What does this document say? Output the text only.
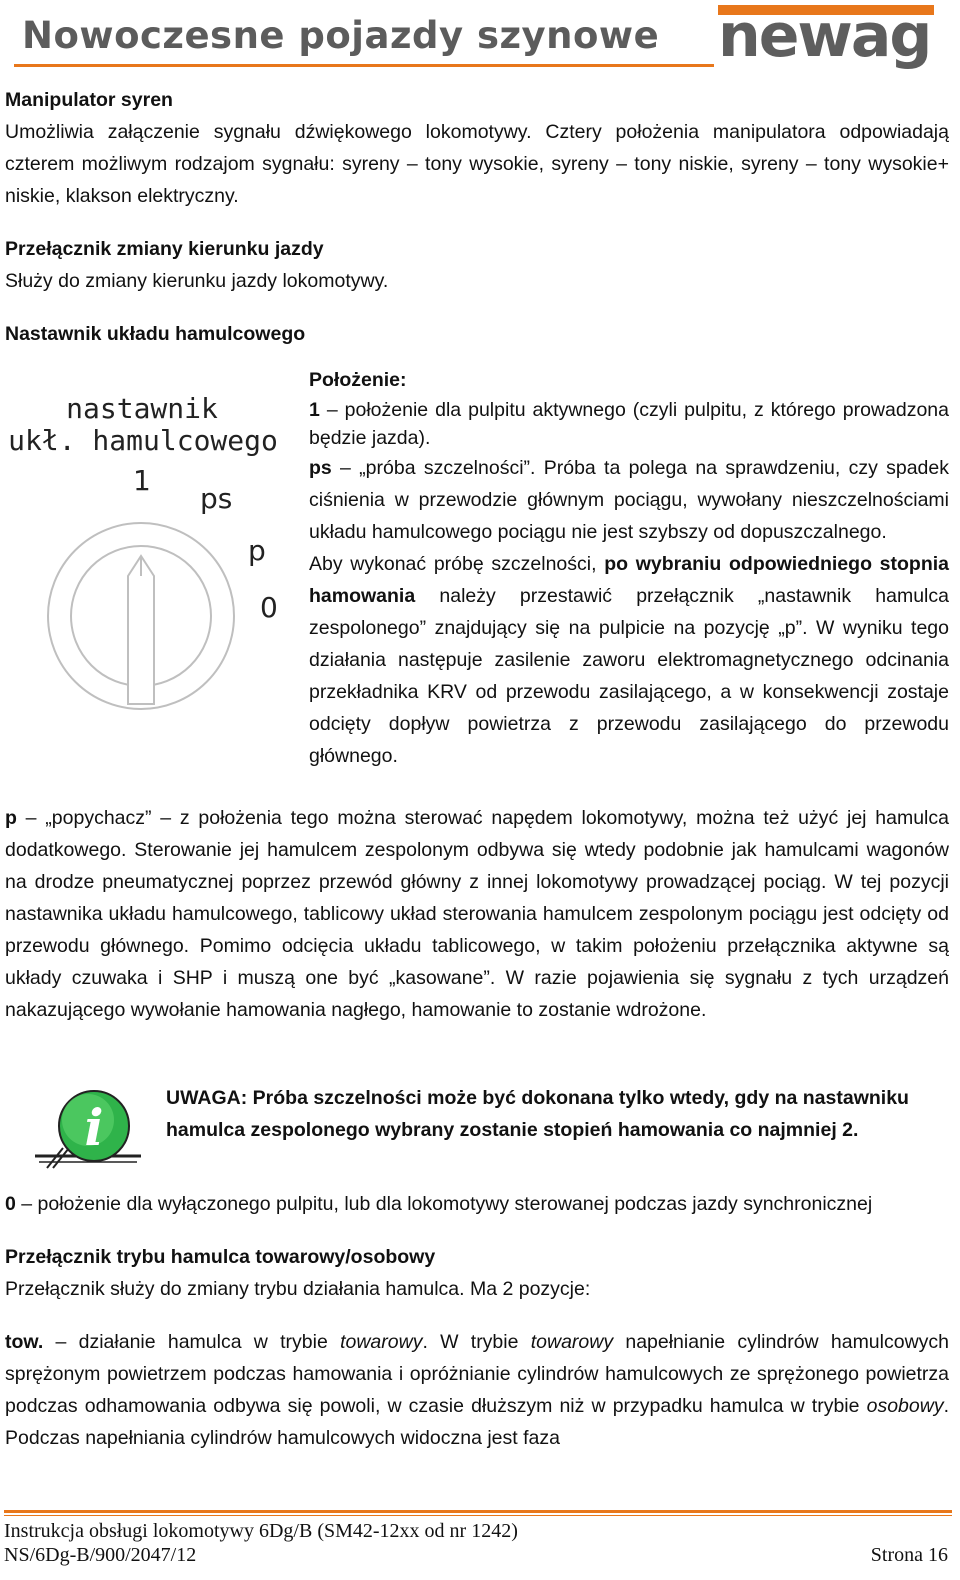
Nowoczesne pojazdy szynowe newag

Manipulator syren

Umożliwia załączenie sygnału dźwiękowego lokomotywy. Cztery położenia manipulatora odpowiadają czterem możliwym rodzajom sygnału: syreny – tony wysokie, syreny – tony niskie, syreny – tony wysokie+ niskie, klakson elektryczny.

Przełącznik zmiany kierunku jazdy

Służy do zmiany kierunku jazdy lokomotywy.

Nastawnik układu hamulcowego

nastawnik
ukł. hamulcowego
1
ps
p
0

Położenie:

1 – położenie dla pulpitu aktywnego (czyli pulpitu, z którego prowadzona będzie jazda).

ps – „próba szczelności”. Próba ta polega na sprawdzeniu, czy spadek ciśnienia w przewodzie głównym pociągu, wywołany nieszczelnościami układu hamulcowego pociągu nie jest szybszy od dopuszczalnego.

Aby wykonać próbę szczelności, po wybraniu odpowiedniego stopnia hamowania należy przestawić przełącznik „nastawnik hamulca zespolonego” znajdujący się na pulpicie na pozycję „p”. W wyniku tego działania następuje zasilenie zaworu elektromagnetycznego odcinania przekładnika KRV od przewodu zasilającego, a w konsekwencji zostaje odcięty dopływ powietrza z przewodu zasilającego do przewodu głównego.

p – „popychacz” – z położenia tego można sterować napędem lokomotywy, można też użyć jej hamulca dodatkowego. Sterowanie jej hamulcem zespolonym odbywa się wtedy podobnie jak hamulcami wagonów na drodze pneumatycznej poprzez przewód główny z innej lokomotywy prowadzącej pociąg. W tej pozycji nastawnika układu hamulcowego, tablicowy układ sterowania hamulcem zespolonym pociągu jest odcięty od przewodu głównego. Pomimo odcięcia układu tablicowego, w takim położeniu przełącznika aktywne są układy czuwaka i SHP i muszą one być „kasowane”. W razie pojawienia się sygnału z tych urządzeń nakazującego wywołanie hamowania nagłego, hamowanie to zostanie wdrożone.

i	UWAGA: Próba szczelności może być dokonana tylko wtedy, gdy na nastawniku hamulca zespolonego wybrany zostanie stopień hamowania co najmniej 2.

0 – położenie dla wyłączonego pulpitu, lub dla lokomotywy sterowanej podczas jazdy synchronicznej

Przełącznik trybu hamulca towarowy/osobowy

Przełącznik służy do zmiany trybu działania hamulca. Ma 2 pozycje:

tow. – działanie hamulca w trybie towarowy. W trybie towarowy napełnianie cylindrów hamulcowych sprężonym powietrzem podczas hamowania i opróżnianie cylindrów hamulcowych ze sprężonego powietrza podczas odhamowania odbywa się powoli, w czasie dłuższym niż w przypadku hamulca w trybie osobowy. Podczas napełniania cylindrów hamulcowych widoczna jest faza

Instrukcja obsługi lokomotywy 6Dg/B (SM42-12xx od nr 1242)
NS/6Dg-B/900/2047/12	Strona 16
